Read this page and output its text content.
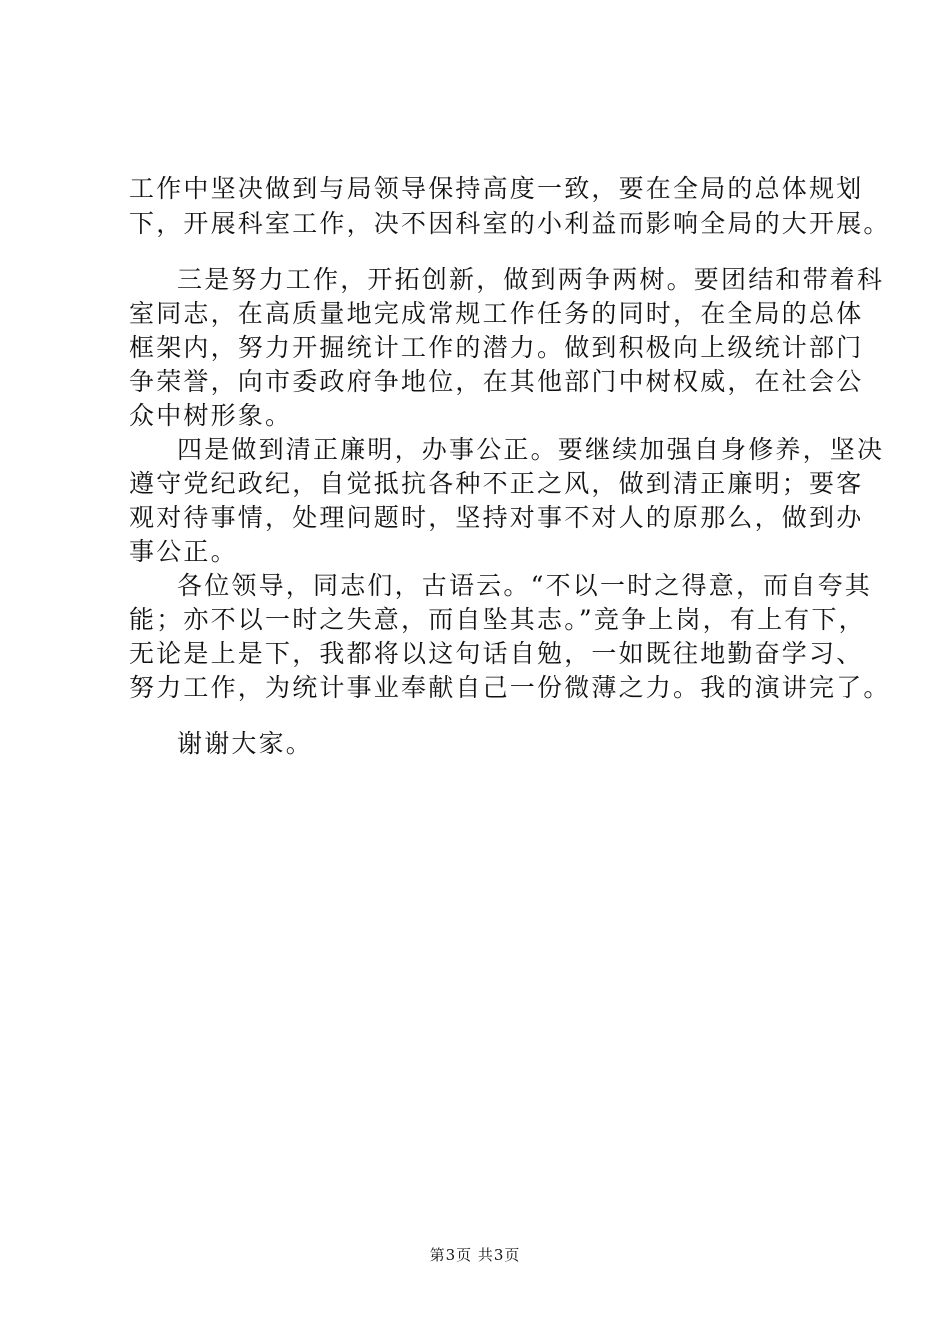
工作中坚决做到与局领导保持高度一致，要在全局的总体规划
下，开展科室工作，决不因科室的小利益而影响全局的大开展。
三是努力工作，开拓创新，做到两争两树。要团结和带着科
室同志，在高质量地完成常规工作任务的同时，在全局的总体
框架内，努力开掘统计工作的潜力。做到积极向上级统计部门
争荣誉，向市委政府争地位，在其他部门中树权威，在社会公
众中树形象。
四是做到清正廉明，办事公正。要继续加强自身修养，坚决
遵守党纪政纪，自觉抵抗各种不正之风，做到清正廉明；要客
观对待事情，处理问题时，坚持对事不对人的原那么，做到办
事公正。
各位领导，同志们，古语云。“不以一时之得意，而自夸其
能；亦不以一时之失意，而自坠其志。”竞争上岗，有上有下，
无论是上是下，我都将以这句话自勉，一如既往地勤奋学习、
努力工作，为统计事业奉献自己一份微薄之力。我的演讲完了。
谢谢大家。
第3页 共3页
